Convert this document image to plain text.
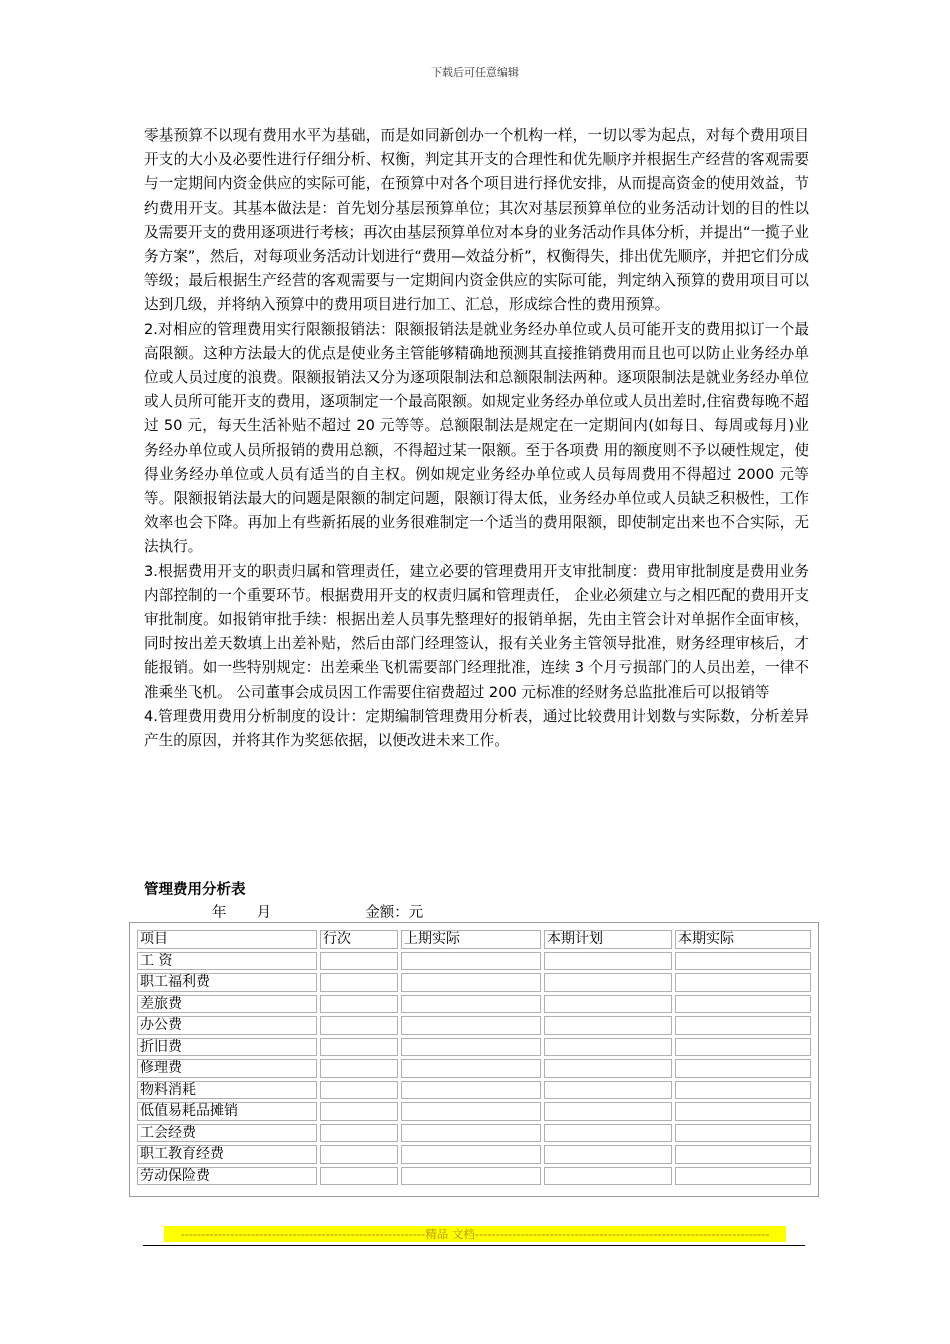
下载后可任意编辑

零基预算不以现有费用水平为基础，而是如同新创办一个机构一样，一切以零为起点，对每个费用项目开支的大小及必要性进行仔细分析、权衡，判定其开支的合理性和优先顺序并根据生产经营的客观需要与一定期间内资金供应的实际可能，在预算中对各个项目进行择优安排，从而提高资金的使用效益，节约费用开支。其基本做法是：首先划分基层预算单位；其次对基层预算单位的业务活动计划的目的性以及需要开支的费用逐项进行考核；再次由基层预算单位对本身的业务活动作具体分析，并提出“一揽子业务方案”，然后，对每项业务活动计划进行“费用—效益分析”，权衡得失，排出优先顺序，并把它们分成等级；最后根据生产经营的客观需要与一定期间内资金供应的实际可能，判定纳入预算的费用项目可以达到几级，并将纳入预算中的费用项目进行加工、汇总，形成综合性的费用预算。

2.对相应的管理费用实行限额报销法：限额报销法是就业务经办单位或人员可能开支的费用拟订一个最高限额。这种方法最大的优点是使业务主管能够精确地预测其直接推销费用而且也可以防止业务经办单位或人员过度的浪费。限额报销法又分为逐项限制法和总额限制法两种。逐项限制法是就业务经办单位或人员所可能开支的费用，逐项制定一个最高限额。如规定业务经办单位或人员出差时,住宿费每晚不超过 50 元，每天生活补贴不超过 20 元等等。总额限制法是规定在一定期间内(如每日、每周或每月)业务经办单位或人员所报销的费用总额，不得超过某一限额。至于各项费 用的额度则不予以硬性规定，使得业务经办单位或人员有适当的自主权。例如规定业务经办单位或人员每周费用不得超过 2000 元等等。限额报销法最大的问题是限额的制定问题，限额订得太低，业务经办单位或人员缺乏积极性，工作效率也会下降。再加上有些新拓展的业务很难制定一个适当的费用限额，即使制定出来也不合实际，无法执行。

3.根据费用开支的职责归属和管理责任，建立必要的管理费用开支审批制度：费用审批制度是费用业务内部控制的一个重要环节。根据费用开支的权责归属和管理责任， 企业必须建立与之相匹配的费用开支审批制度。如报销审批手续：根据出差人员事先整理好的报销单据，先由主管会计对单据作全面审核，同时按出差天数填上出差补贴，然后由部门经理签认，报有关业务主管领导批准，财务经理审核后，才能报销。如一些特别规定：出差乘坐飞机需要部门经理批准，连续 3 个月亏损部门的人员出差，一律不准乘坐飞机。 公司董事会成员因工作需要住宿费超过 200 元标准的经财务总监批准后可以报销等

4.管理费用费用分析制度的设计：定期编制管理费用分析表，通过比较费用计划数与实际数，分析差异产生的原因，并将其作为奖惩依据，以便改进未来工作。

管理费用分析表
年 月	金额：元
项目	行次	上期实际	本期计划	本期实际
工 资				
职工福利费				
差旅费				
办公费				
折旧费				
修理费				
物料消耗				
低值易耗品摊销				
工会经费				
职工教育经费				
劳动保险费				
-----------------------------------------------------------精品 文档-----------------------------------------------------------------------
